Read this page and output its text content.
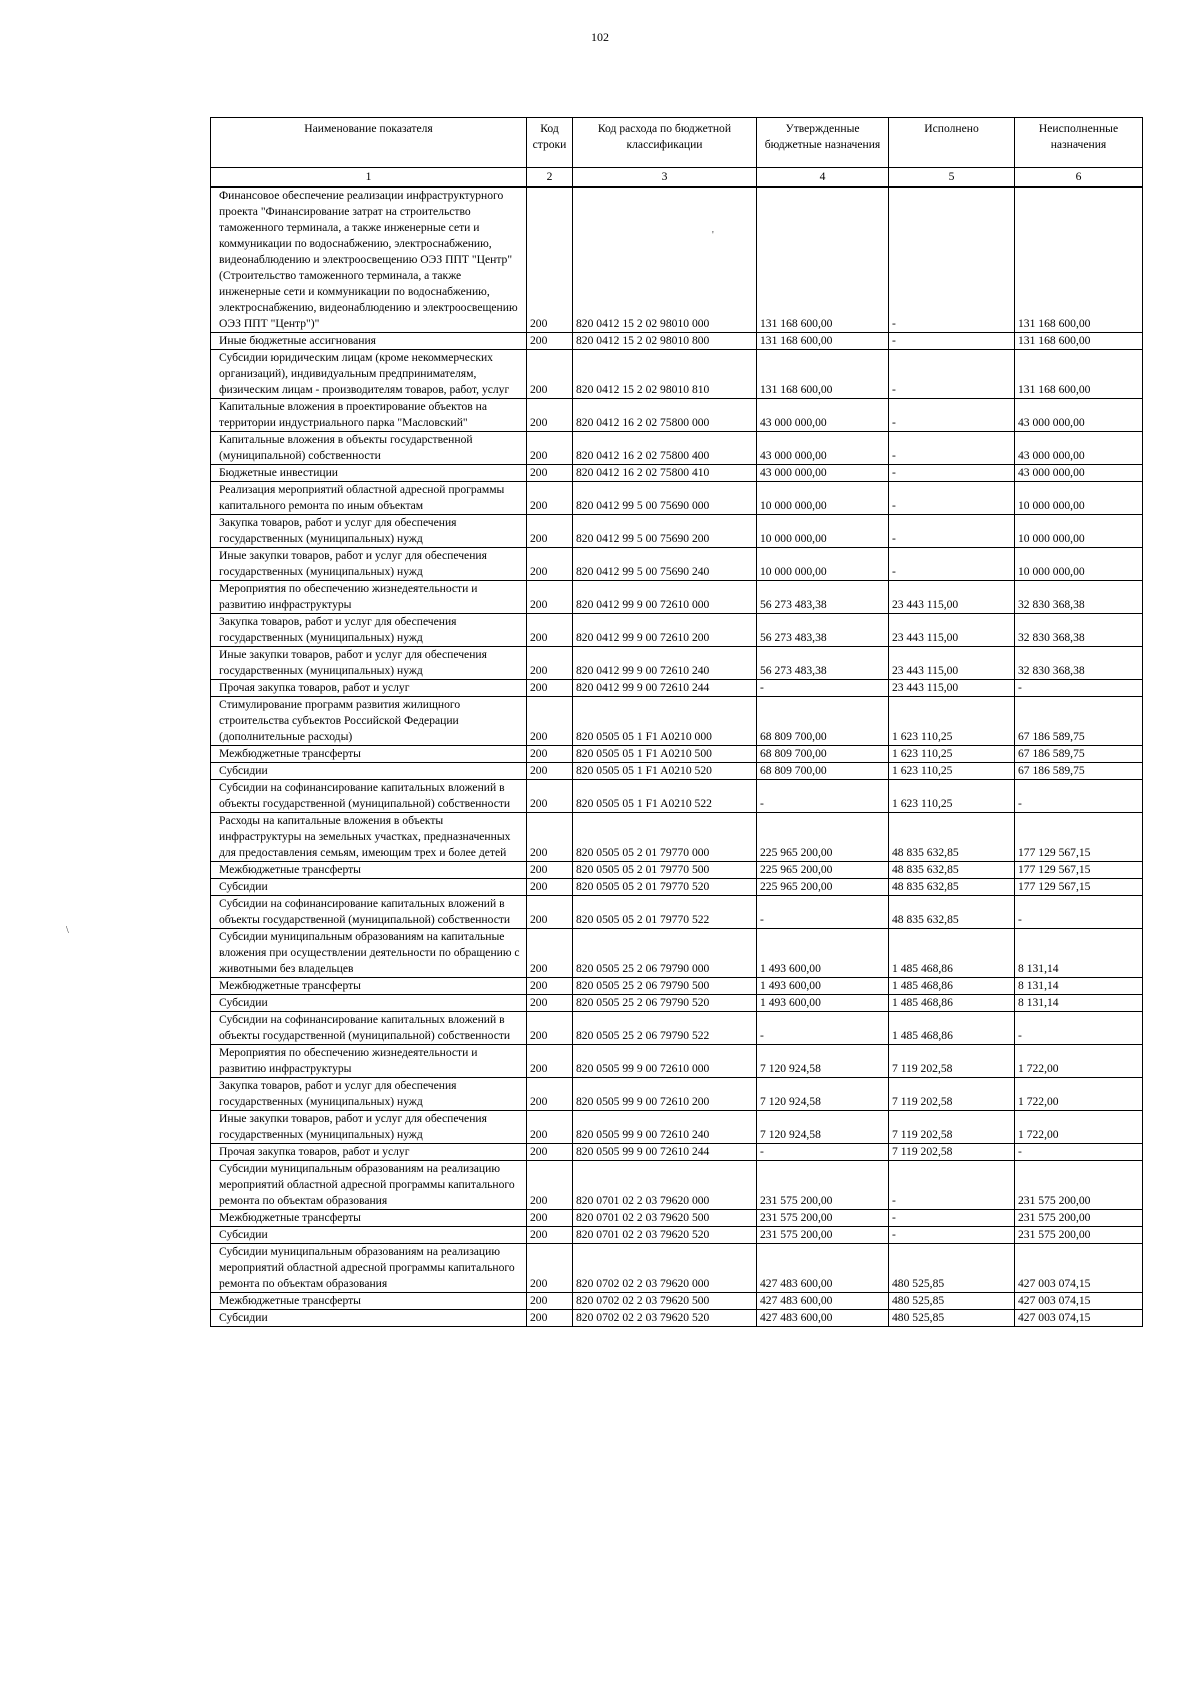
102
Наименование показателя	Код строки	Код расхода по бюджетной классификации	Утвержденные бюджетные назначения	Исполнено	Неисполненные назначения
1	2	3	4	5	6
Финансовое обеспечение реализации инфраструктурного проекта "Финансирование затрат на строительство таможенного терминала, а также инженерные сети и коммуникации по водоснабжению, электроснабжению, видеонаблюдению и электроосвещению ОЭЗ ППТ "Центр" (Строительство таможенного терминала, а также инженерные сети и коммуникации по водоснабжению, электроснабжению, видеонаблюдению и электроосвещению ОЭЗ ППТ "Центр")"	200	820 0412 15 2 02 98010 000	131 168 600,00	-	131 168 600,00
Иные бюджетные ассигнования	200	820 0412 15 2 02 98010 800	131 168 600,00	-	131 168 600,00
Субсидии юридическим лицам (кроме некоммерческих организаций), индивидуальным предпринимателям, физическим лицам - производителям товаров, работ, услуг	200	820 0412 15 2 02 98010 810	131 168 600,00	-	131 168 600,00
Капитальные вложения в проектирование объектов на территории индустриального парка "Масловский"	200	820 0412 16 2 02 75800 000	43 000 000,00	-	43 000 000,00
Капитальные вложения в объекты государственной (муниципальной) собственности	200	820 0412 16 2 02 75800 400	43 000 000,00	-	43 000 000,00
Бюджетные инвестиции	200	820 0412 16 2 02 75800 410	43 000 000,00	-	43 000 000,00
Реализация мероприятий областной адресной программы капитального ремонта по иным объектам	200	820 0412 99 5 00 75690 000	10 000 000,00	-	10 000 000,00
Закупка товаров, работ и услуг для обеспечения государственных (муниципальных) нужд	200	820 0412 99 5 00 75690 200	10 000 000,00	-	10 000 000,00
Иные закупки товаров, работ и услуг для обеспечения государственных (муниципальных) нужд	200	820 0412 99 5 00 75690 240	10 000 000,00	-	10 000 000,00
Мероприятия по обеспечению жизнедеятельности и развитию инфраструктуры	200	820 0412 99 9 00 72610 000	56 273 483,38	23 443 115,00	32 830 368,38
Закупка товаров, работ и услуг для обеспечения государственных (муниципальных) нужд	200	820 0412 99 9 00 72610 200	56 273 483,38	23 443 115,00	32 830 368,38
Иные закупки товаров, работ и услуг для обеспечения государственных (муниципальных) нужд	200	820 0412 99 9 00 72610 240	56 273 483,38	23 443 115,00	32 830 368,38
Прочая закупка товаров, работ и услуг	200	820 0412 99 9 00 72610 244	-	23 443 115,00	-
Стимулирование программ развития жилищного строительства субъектов Российской Федерации (дополнительные расходы)	200	820 0505 05 1 F1 A0210 000	68 809 700,00	1 623 110,25	67 186 589,75
Межбюджетные трансферты	200	820 0505 05 1 F1 A0210 500	68 809 700,00	1 623 110,25	67 186 589,75
Субсидии	200	820 0505 05 1 F1 A0210 520	68 809 700,00	1 623 110,25	67 186 589,75
Субсидии на софинансирование капитальных вложений в объекты государственной (муниципальной) собственности	200	820 0505 05 1 F1 A0210 522	-	1 623 110,25	-
Расходы на капитальные вложения в объекты инфраструктуры на земельных участках, предназначенных для предоставления семьям, имеющим трех и более детей	200	820 0505 05 2 01 79770 000	225 965 200,00	48 835 632,85	177 129 567,15
Межбюджетные трансферты	200	820 0505 05 2 01 79770 500	225 965 200,00	48 835 632,85	177 129 567,15
Субсидии	200	820 0505 05 2 01 79770 520	225 965 200,00	48 835 632,85	177 129 567,15
Субсидии на софинансирование капитальных вложений в объекты государственной (муниципальной) собственности	200	820 0505 05 2 01 79770 522	-	48 835 632,85	-
Субсидии муниципальным образованиям на капитальные вложения при осуществлении деятельности по обращению с животными без владельцев	200	820 0505 25 2 06 79790 000	1 493 600,00	1 485 468,86	8 131,14
Межбюджетные трансферты	200	820 0505 25 2 06 79790 500	1 493 600,00	1 485 468,86	8 131,14
Субсидии	200	820 0505 25 2 06 79790 520	1 493 600,00	1 485 468,86	8 131,14
Субсидии на софинансирование капитальных вложений в объекты государственной (муниципальной) собственности	200	820 0505 25 2 06 79790 522	-	1 485 468,86	-
Мероприятия по обеспечению жизнедеятельности и развитию инфраструктуры	200	820 0505 99 9 00 72610 000	7 120 924,58	7 119 202,58	1 722,00
Закупка товаров, работ и услуг для обеспечения государственных (муниципальных) нужд	200	820 0505 99 9 00 72610 200	7 120 924,58	7 119 202,58	1 722,00
Иные закупки товаров, работ и услуг для обеспечения государственных (муниципальных) нужд	200	820 0505 99 9 00 72610 240	7 120 924,58	7 119 202,58	1 722,00
Прочая закупка товаров, работ и услуг	200	820 0505 99 9 00 72610 244	-	7 119 202,58	-
Субсидии муниципальным образованиям на реализацию мероприятий областной адресной программы капитального ремонта по объектам образования	200	820 0701 02 2 03 79620 000	231 575 200,00	-	231 575 200,00
Межбюджетные трансферты	200	820 0701 02 2 03 79620 500	231 575 200,00	-	231 575 200,00
Субсидии	200	820 0701 02 2 03 79620 520	231 575 200,00	-	231 575 200,00
Субсидии муниципальным образованиям на реализацию мероприятий областной адресной программы капитального ремонта по объектам образования	200	820 0702 02 2 03 79620 000	427 483 600,00	480 525,85	427 003 074,15
Межбюджетные трансферты	200	820 0702 02 2 03 79620 500	427 483 600,00	480 525,85	427 003 074,15
Субсидии	200	820 0702 02 2 03 79620 520	427 483 600,00	480 525,85	427 003 074,15
'
\
